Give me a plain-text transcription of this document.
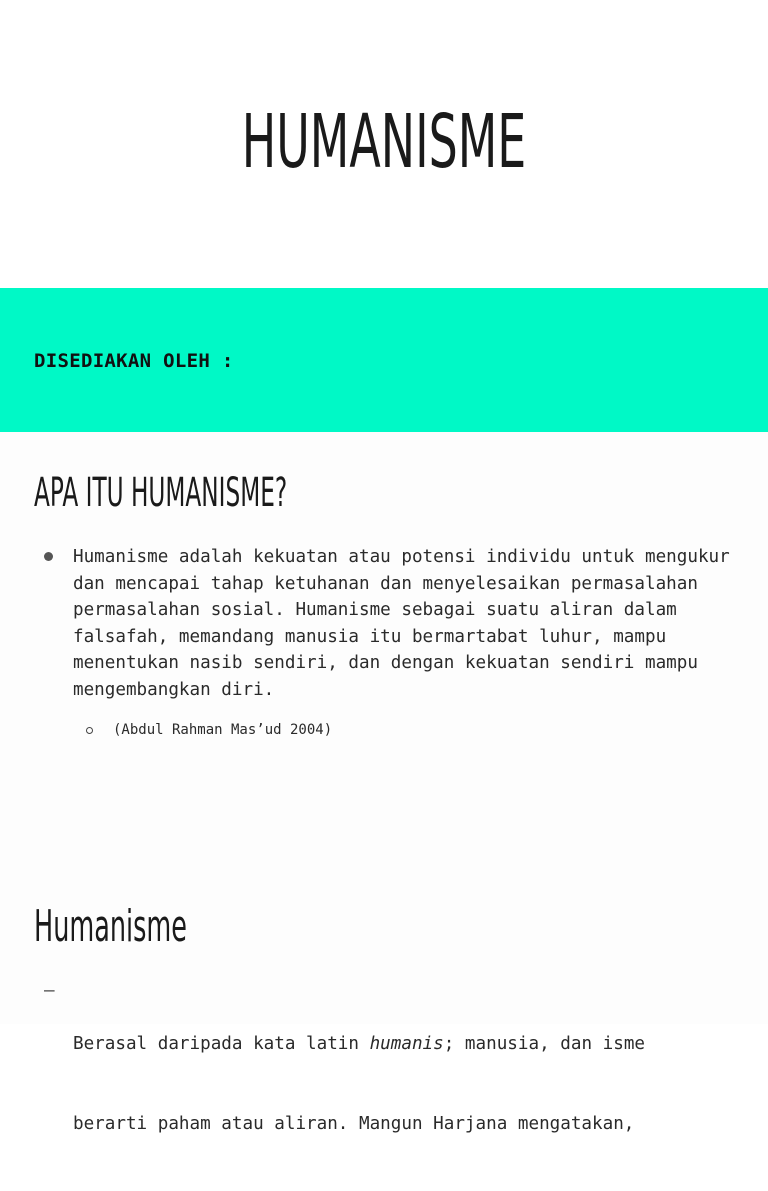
HUMANISME
DISEDIAKAN OLEH :
APA ITU HUMANISME?
Humanisme adalah kekuatan atau potensi individu untuk mengukur dan mencapai tahap ketuhanan dan menyelesaikan permasalahan permasalahan sosial. Humanisme sebagai suatu aliran dalam falsafah, memandang manusia itu bermartabat luhur, mampu menentukan nasib sendiri, dan dengan kekuatan sendiri mampu mengembangkan diri.
(Abdul Rahman Mas’ud 2004)
Humanisme
–

Berasal daripada kata latin humanis; manusia, dan isme

berarti paham atau aliran. Mangun Harjana mengatakan,
